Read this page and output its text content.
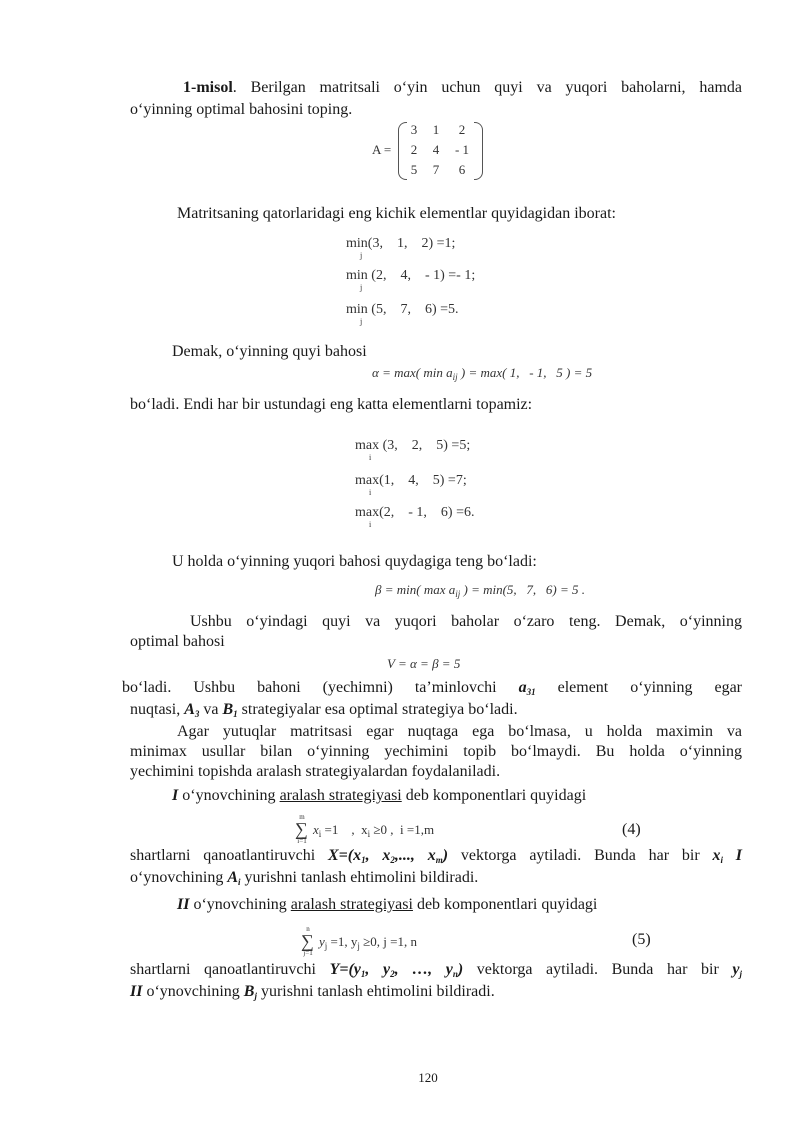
1-misol. Berilgan matritsali o‘yin uchun quyi va yuqori baholarni, hamda
o‘yinning optimal bahosini toping.
A =
3	1	2
2	4	- 1
5	7	6
Matritsaning qatorlaridagi eng kichik elementlar quyidagidan iborat:
min
j
(3,    1,    2) =1;
min
j
(2,    4,    - 1) =- 1;
min
j
(5,    7,    6) =5.
Demak, o‘yinning quyi bahosi
α = max( $\min a_{ij}$ ) = max( 1,   - 1,   5 ) = 5
bo‘ladi. Endi har bir ustundagi eng katta elementlarni topamiz:
max
i
(3,    2,    5) =5;
max
i
(1,    4,    5) =7;
max
i
(2,    - 1,    6) =6.
U holda o‘yinning yuqori bahosi quydagiga teng bo‘ladi:
β = min( $\max a_{ij}$ ) = min(5,   7,   6) = 5 .
Ushbu o‘yindagi quyi va yuqori baholar o‘zaro teng. Demak, o‘yinning
optimal bahosi
V = α = β = 5
bo‘ladi. Ushbu bahoni (yechimni) ta’minlovchi $a_{31}$ element o‘yinning egar
nuqtasi, $A_3$ va $B_1$ strategiyalar esa optimal strategiya bo‘ladi.
Agar yutuqlar matritsasi egar nuqtaga ega bo‘lmasa, u holda maximin va
minimax usullar bilan o‘yinning yechimini topib bo‘lmaydi. Bu holda o‘yinning
yechimini topishda aralash strategiyalardan foydalaniladi.
I o‘ynovchining aralash strategiyasi deb komponentlari quyidagi

m

∑

i=1

$x_i =1$    ,  $x_i \ge 0$ ,  i =1,m	(4)
shartlarni qanoatlantiruvchi $X=(x_1$, $x_2$,..., $x_m$) vektorga aytiladi. Bunda har bir $x_i$ I
o‘ynovchining $A_i$ yurishni tanlash ehtimolini bildiradi.
II o‘ynovchining aralash strategiyasi deb komponentlari quyidagi

n

∑

j=1

$y_j =1$, $y_j \ge 0$, j =1, n	(5)
shartlarni qanoatlantiruvchi $Y=(y_1$, $y_2$, …, $y_n$) vektorga aytiladi. Bunda har bir $y_j$
II o‘ynovchining $B_j$ yurishni tanlash ehtimolini bildiradi.
120
